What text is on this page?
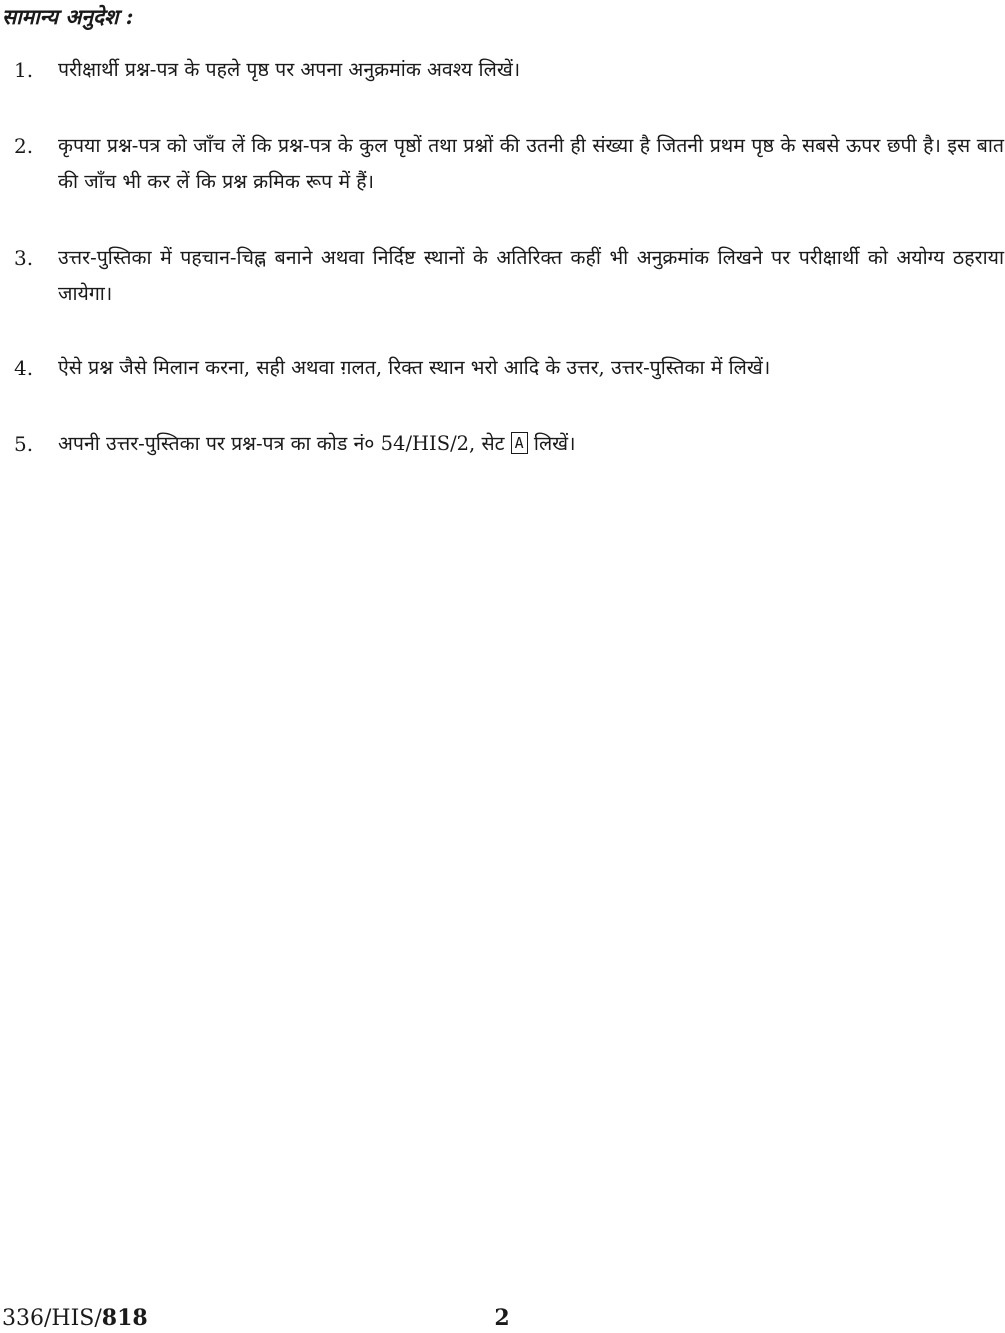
सामान्य अनुदेश :
1.	परीक्षार्थी प्रश्न-पत्र के पहले पृष्ठ पर अपना अनुक्रमांक अवश्य लिखें।
2.	कृपया प्रश्न-पत्र को जाँच लें कि प्रश्न-पत्र के कुल पृष्ठों तथा प्रश्नों की उतनी ही संख्या है जितनी प्रथम पृष्ठ के सबसे ऊपर छपी है। इस बात की जाँच भी कर लें कि प्रश्न क्रमिक रूप में हैं।
3.	उत्तर-पुस्तिका में पहचान-चिह्न बनाने अथवा निर्दिष्ट स्थानों के अतिरिक्त कहीं भी अनुक्रमांक लिखने पर परीक्षार्थी को अयोग्य ठहराया जायेगा।
4.	ऐसे प्रश्न जैसे मिलान करना, सही अथवा ग़लत, रिक्त स्थान भरो आदि के उत्तर, उत्तर-पुस्तिका में लिखें।
5.	अपनी उत्तर-पुस्तिका पर प्रश्न-पत्र का कोड नं० 54/HIS/2, सेट A लिखें।
336/HIS/818	2
